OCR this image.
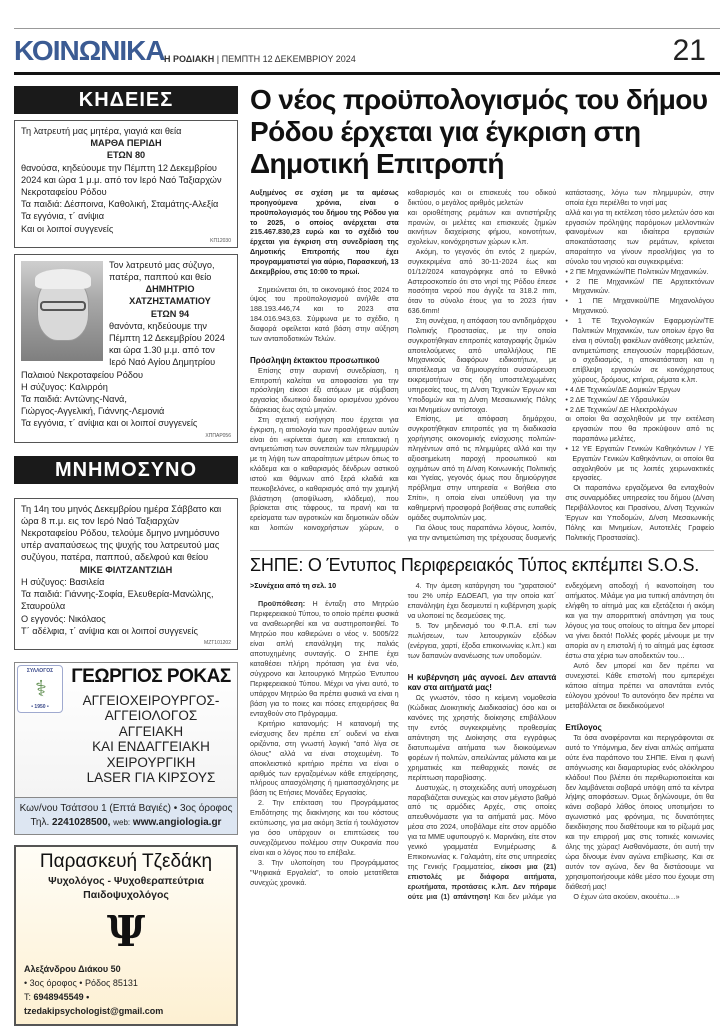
ΚΟΙΝΩΝΙΚΑ Η ΡΟΔΙΑΚΗ | ΠΕΜΠΤΗ 12 ΔΕΚΕΜΒΡΙΟΥ 2024	21
ΚΗΔΕΙΕΣ
Τη λατρευτή μας μητέρα, γιαγιά και θεία
ΜΑΡΘΑ ΠΕΡΙΔΗ
ΕΤΩΝ 80
θανούσα, κηδεύουμε την Πέμπτη 12 Δεκεμβρίου 2024 και ώρα 1 μ.μ. από τον Ιερό Ναό Ταξιαρχών Νεκροταφείου Ρόδου
Τα παιδιά: Δέσποινα, Καθολική, Σταμάτης-Αλεξία
Τα εγγόνια, τ΄ ανίψια
Και οι λοιποί συγγενείς
ΚΠ12030
Τον λατρευτό μας σύζυγο, πατέρα, παππού και θείο
ΔΗΜΗΤΡΙΟ ΧΑΤΖΗΣΤΑΜΑΤΙΟΥ
ΕΤΩΝ 94
θανόντα, κηδεύουμε την Πέμπτη 12 Δεκεμβρίου 2024 και ώρα 1.30 μ.μ. από τον Ιερό Ναό Αγίου Δημητρίου Παλαιού Νεκροταφείου Ρόδου
Η σύζυγος: Καλιρρόη
Τα παιδιά: Αντώνης-Νανά,
Γιώργος-Αγγελική, Γιάννης-Λεμονιά
Τα εγγόνια, τ΄ ανίψια και οι λοιποί συγγενείς
ΧΠΠΑΡ056
ΜΝΗΜΟΣΥΝΟ
Τη 14η του μηνός Δεκεμβρίου ημέρα Σάββατο και ώρα 8 π.μ. εις τον Ιερό Ναό Ταξιαρχών Νεκροταφείου Ρόδου, τελούμε δμηνο μνημόσυνο υπέρ αναπαύσεως της ψυχής του λατρευτού μας συζύγου, πατέρα, παππού, αδελφού και θείου
ΜΙΚΕ ΦΙΛΤΖΑΝΤΖΙΔΗ
Η σύζυγος: Βασιλεία
Τα παιδιά: Γιάννης-Σοφία, Ελευθερία-Μανώλης, Σταυρούλα
Ο εγγονός: Νικόλαος
Τ΄ αδέλφια, τ΄ ανίψια και οι λοιποί συγγενείς
ΜΖΤ101202
ΣΥΛΛΟΓΟΣ
⚕
• 1950 •
ΓΕΩΡΓΙΟΣ ΡΟΚΑΣ
ΑΓΓΕΙΟΧΕΙΡΟΥΡΓΟΣ-
ΑΓΓΕΙΟΛΟΓΟΣ
ΑΓΓΕΙΑΚΗ
ΚΑΙ ΕΝΔΑΓΓΕΙΑΚΗ
ΧΕΙΡΟΥΡΓΙΚΗ
LASER ΓΙΑ ΚΙΡΣΟΥΣ
Κων/νου Τσάτσου 1 (Επτά Βαγιές) • 3ος όροφος
Τηλ. 2241028500, web: www.angiologia.gr
Παρασκευή Τζεδάκη
Ψυχολόγος - Ψυχοθεραπεύτρια
Παιδοψυχολόγος
Ψ
Αλεξάνδρου Διάκου 50
• 3ος όροφος • Ρόδος 85131
Τ: 6948945549 • tzedakipsychologist@gmail.com
Ο νέος προϋπολογισμός του δήμου Ρόδου έρχεται για έγκριση στη Δημοτική Επιτροπή

Αυξημένος σε σχέση με τα αμέσως προηγούμενα χρόνια, είναι ο προϋπολογισμός του δήμου της Ρόδου για το 2025, ο οποίος ανέρχεται στα 215.467.830,23 ευρώ και το σχέδιό του έρχεται για έγκριση στη συνεδρίαση της Δημοτικής Επιτροπής που έχει προγραμματιστεί για αύριο, Παρασκευή, 13 Δεκεμβρίου, στις 10:00 το πρωί.

Σημειώνεται ότι, το οικονομικό έτος 2024 το ύψος του προϋπολογισμού ανήλθε στα 188.193.446,74 και το 2023 στα 184.016.943,63. Σύμφωνα με το σχέδιο, η διαφορά οφείλεται κατά βάση στην αύξηση των ανταποδοτικών Τελών.

Πρόσληψη έκτακτου προσωπικού

Επίσης στην αυριανή συνεδρίαση, η Επιτροπή καλείται να αποφασίσει για την πρόσληψη είκοσι έξι ατόμων με σύμβαση εργασίας ιδιωτικού δικαίου ορισμένου χρόνου διάρκειας έως οχτώ μηνών.

Στη σχετική εισήγηση που έρχεται για έγκριση, η αιτιολογία των προσλήψεων αυτών είναι ότι «κρίνεται άμεση και επιτακτική η αντιμετώπιση των συνεπειών των πλημμυρών με τη λήψη των απαραίτητων μέτρων όπως το κλάδεμα και ο καθαρισμός δένδρων αστικού ιστού και θάμνων από ξερά κλαδιά και πευκοβελόνες, ο καθαρισμός από την χαμηλή βλάστηση (αποψίλωση, κλάδεμα), που βρίσκεται στις τάφρους, τα πρανή και τα ερείσματα των αγροτικών και δημοτικών οδών και λοιπών κοινοχρήστων χώρων, ο καθαρισμός και οι επισκευές του οδικού δικτύου, ο μεγάλος αριθμός μελετών

και οριοθέτησης ρεμάτων και αντιστήριξης πρανών, οι μελέτες και επισκευές ζημιών ακινήτων διαχείρισης φήμου, κοινοτήτων, σχολείων, κοινόχρηστων χώρων κ.λπ.

Ακόμη, το γεγονός ότι εντός 2 ημερών, συγκεκριμένα από 30-11-2024 έως και 01/12/2024 καταγράφηκε από το Εθνικό Αστεροσκοπείο ότι στο νησί της Ρόδου έπεσε ποσότητα νερού που άγγιζε τα 318.2 mm, όταν το σύνολο έτους για το 2023 ήταν 636.6mm!

Στη συνέχεια, η απόφαση του αντιδημάρχου Πολιτικής Προστασίας, με την οποία συγκροτήθηκαν επιτροπές καταγραφής ζημιών αποτελούμενες από υπαλλήλους ΠΕ Μηχανικούς διαφόρων ειδικοτήτων, με αποτέλεσμα να δημιουργείται συσσώρευση εκκρεμοτήτων στις ήδη υποστελεχωμένες υπηρεσίες τους, τη Δ/νση Τεχνικών Έργων και Υποδομών και τη Δ/νση Μεσαιωνικής Πόλης και Μνημείων αντίστοιχα.

Επίσης, με απόφαση δημάρχου, συγκροτήθηκαν επιτροπές για τη διαδικασία χορήγησης οικονομικής ενίσχυσης πολιτών-πληγέντων από τις πλημμύρες αλλά και την αξιοσημείωτη παροχή προσωπικού και οχημάτων από τη Δ/νση Κοινωνικής Πολιτικής και Υγείας, γεγονός όμως που δημιούργησε πρόβλημα στην υπηρεσία « Βοήθεια στο Σπίτι», η οποία είναι υπεύθυνη για την καθημερινή προσφορά βοήθειας στις ευπαθείς ομάδες συμπολιτών μας.

Για όλους τους παραπάνω λόγους, λοιπόν, για την αντιμετώπιση της τρέχουσας δυσμενής κατάστασης, λόγω των πλημμυρών, στην οποία έχει περιέλθει το νησί μας

αλλά και για τη εκτέλεση τόσο μελετών όσο και εργασιών πρόληψης παρόμοιων μελλοντικών φαινομένων και ιδιαίτερα εργασιών αποκατάστασης των ρεμάτων, κρίνεται απαραίτητο να γίνουν προσλήψεις για το σύνολο του νησιού και συγκεκριμένα:

• 2 ΠΕ Μηχανικών/ΠΕ Πολιτικών Μηχανικών.
• 2 ΠΕ Μηχανικών/ ΠΕ Αρχιτεκτόνων Μηχανικών.
• 1 ΠΕ Μηχανικού/ΠΕ Μηχανολόγου Μηχανικού.
• 1 ΤΕ Τεχνολογικών Εφαρμογών/ΤΕ Πολιτικών Μηχανικών, των οποίων έργο θα είναι η σύνταξη φακέλων ανάθεσης μελετών, αντιμετώπισης επειγουσών παρεμβάσεων, ο σχεδιασμός, η αποκατάσταση και η επίβλεψη εργασιών σε κοινόχρηστους χώρους, δρόμους, κτήρια, ρέματα κ.λπ.
• 4 ΔΕ Τεχνικών/ΔΕ Δομικών Έργων
• 2 ΔΕ Τεχνικών/ ΔΕ Υδραυλικών
• 2 ΔΕ Τεχνικών/ ΔΕ Ηλεκτρολόγων
οι οποίοι θα ασχοληθούν με την εκτέλεση εργασιών που θα προκύψουν από τις παραπάνω μελέτες,
• 12 ΥΕ Εργατών Γενικών Καθηκόντων / ΥΕ Εργατών Γενικών Καθηκόντων, οι οποίοι θα ασχοληθούν με τις λοιπές χειρωνακτικές εργασίες.

Οι παραπάνω εργαζόμενοι θα ενταχθούν στις συναρμόδιες υπηρεσίες του δήμου (Δ/νση Περιβάλλοντος και Πρασίνου, Δ/νση Τεχνικών Έργων και Υποδομών, Δ/νση Μεσαιωνικής Πόλης και Μνημείων, Αυτοτελές Γραφείο Πολιτικής Προστασίας).

ΣΗΠΕ: Ο Έντυπος Περιφερειακός Τύπος εκπέμπει S.O.S.

>Συνέχεια από τη σελ. 10

Προϋπόθεση: Η ένταξη στο Μητρώο Περιφερειακού Τύπου, το οποίο πρέπει φυσικά να αναθεωρηθεί και να αυστηροποιηθεί. Το Μητρώο που καθιερώνει ο νέος ν. 5005/22 είναι απλή επανάληψη της παλιάς αποτυχημένης συνταγής. Ο ΣΗΠΕ έχει καταθέσει πλήρη πρόταση για ένα νέο, σύγχρονο και λειτουργικό Μητρώο Έντυπου Περιφερειακού Τύπου. Μέχρι να γίνει αυτό, το υπάρχον Μητρώο θα πρέπει φυσικά να είναι η βάση για το ποιες και πόσες επιχειρήσεις θα ενταχθούν στο Πρόγραμμα.

Κριτήριο κατανομής: Η κατανομή της ενίσχυσης δεν πρέπει επ΄ ουδενί να είναι οριζόντια, στη γνωστή λογική "από λίγα σε όλους" αλλά να είναι στοχευμένη. Το αποκλειστικό κριτήριο πρέπει να είναι ο αριθμός των εργαζομένων κάθε επιχείρησης, πλήρους απασχόλησης ή ημιαπασχόλησης με βάση τις Ετήσιες Μονάδες Εργασίας.

2. Την επέκταση του Προγράμματος Επιδότησης της διακίνησης και του κόστους εκτύπωσης, για μια ακόμη 3ετία ή τουλάχιστον για όσο υπάρχουν οι επιπτώσεις του συνεχιζόμενου πολέμου στην Ουκρανία που είναι και ο λόγος που το επέβαλε.

3. Την υλοποίηση του Προγράμματος "Ψηφιακά Εργαλεία", το οποίο μετατίθεται συνεχώς χρονικά.

4. Την άμεση κατάργηση του "χαρατσιού" του 2% υπέρ ΕΔΟΕΑΠ, για την οποία κατ΄ επανάληψη έχει δεσμευτεί η κυβέρνηση χωρίς να υλοποιεί τις δεσμεύσεις της.

5. Τον μηδενισμό του Φ.Π.Α. επί των πωλήσεων, των λειτουργικών εξόδων (ενέργεια, χαρτί, έξοδα επικοινωνίας κ.λπ.) και των δαπανών ανανέωσης των υποδομών.

Η κυβέρνηση μάς αγνοεί. Δεν απαντά καν στα αιτήματά μας!

Ως γνωστόν, τόσο η κείμενη νομοθεσία (Κώδικας Διοικητικής Διαδικασίας) όσο και οι κανόνες της χρηστής διοίκησης επιβάλλουν την εντός συγκεκριμένης προθεσμίας απάντηση της Διοίκησης στα εγγράφως διατυπωμένα αιτήματα των διοικούμενων φορέων ή πολιτών, απειλώντας μάλιστα και με χρηματικές και πειθαρχικές ποινές σε περίπτωση παραβίασης.

Δυστυχώς, η στοιχειώδης αυτή υποχρέωση παραβιάζεται συνεχώς και στον μέγιστο βαθμό από τις αρμόδιες Αρχές, στις οποίες απευθυνόμαστε για τα αιτήματά μας. Μόνο μέσα στο 2024, υποβάλαμε είτε στον αρμόδιο για τα ΜΜΕ υφυπουργό κ. Μαρινάκη, είτε στον γενικό γραμματέα Ενημέρωσης & Επικοινωνίας κ. Γαλαμάτη, είτε στις υπηρεσίες της Γενικής Γραμματείας, είκοσι μια (21) επιστολές με διάφορα αιτήματα, ερωτήματα, προτάσεις κ.λπ. Δεν πήραμε ούτε μια (1) απάντηση! Και δεν μιλάμε για ενδεχόμενη αποδοχή ή ικανοποίηση του αιτήματος. Μιλάμε για μια τυπική απάντηση ότι ελήφθη το αίτημά μας και εξετάζεται ή ακόμη και για την απορριπτική απάντηση για τους λόγους για τους οποίους το αίτημα δεν μπορεί να γίνει δεκτό! Πολλές φορές μένουμε με την απορία αν η επιστολή ή το αίτημά μας έφτασε έστω στα χέρια των αποδεκτών του…

Αυτό δεν μπορεί και δεν πρέπει να συνεχιστεί. Κάθε επιστολή που εμπεριέχει κάποιο αίτημα πρέπει να απαντάται εντός εύλογου χρόνου! Το αυτονόητο δεν πρέπει να μεταβάλλεται σε διεκδικούμενο!

Επίλογος

Τα όσα αναφέρονται και περιγράφονται σε αυτό το Υπόμνημα, δεν είναι απλώς αιτήματα ούτε ένα παράπονο του ΣΗΠΕ. Είναι η φωνή απόγνωσης και διαμαρτυρίας ενός ολόκληρου κλάδου! Που βλέπει ότι περιθωριοποιείται και δεν λαμβάνεται σοβαρά υπόψη από τα κέντρα λήψης αποφάσεων. Όμως δηλώνουμε, ότι θα κάνει σοβαρό λάθος όποιος υποτιμήσει το αγωνιστικό μας φρόνημα, τις δυνατότητες διεκδίκησης που διαθέτουμε και το ρίζωμά μας και την επιρροή μας στις τοπικές κοινωνίες όλης της χώρας! Αισθανόμαστε, ότι αυτή την ώρα δίνουμε έναν αγώνα επιβίωσης. Και σε αυτόν τον αγώνα, δεν θα διστάσουμε να χρησιμοποιήσουμε κάθε μέσο που έχουμε στη διάθεσή μας!

Ο έχων ώτα ακούειν, ακουέτω…»
